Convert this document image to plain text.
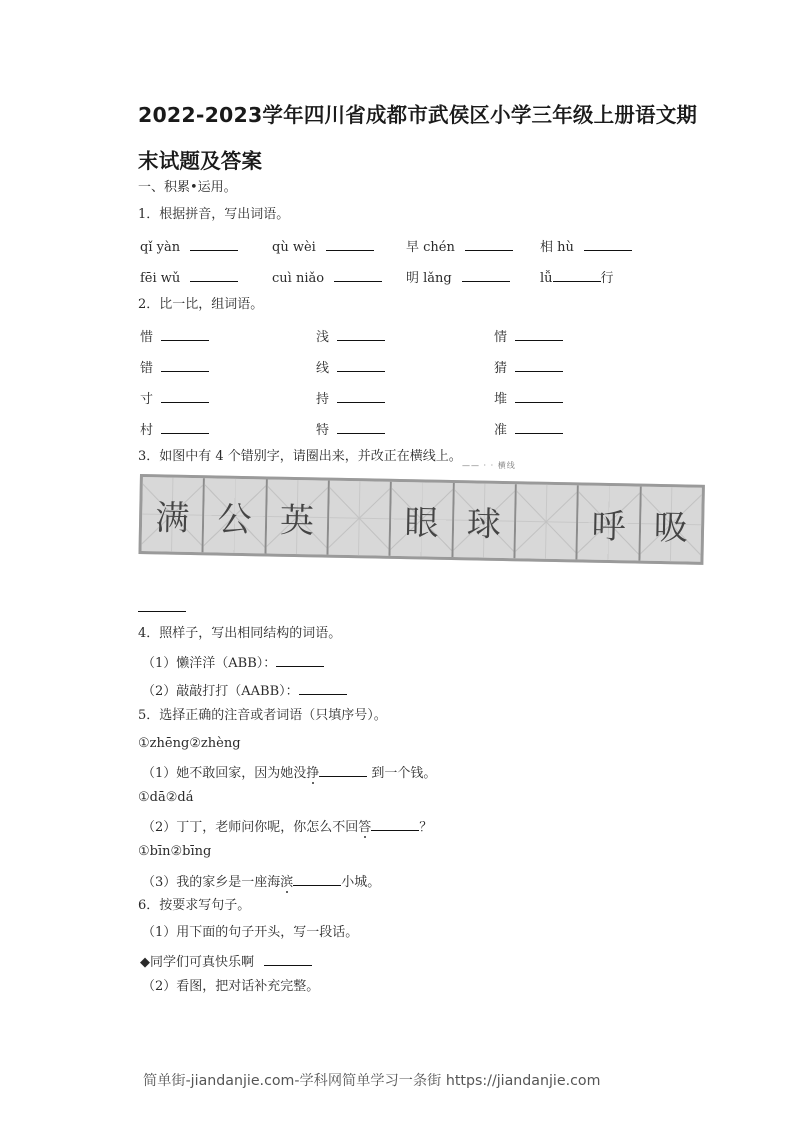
2022-2023学年四川省成都市武侯区小学三年级上册语文期
末试题及答案
一、积累•运用。
1．根据拼音，写出词语。
qǐ yàn	qù wèi	早 chén	相 hù
fēi wǔ	cuì niǎo	明 lǎng	lǚ	行
2．比一比，组词语。
惜	浅	情
错	线	猜
寸	持	堆
村	特	准
3．如图中有 4 个错别字，请圈出来，并改正在横线上。
—— · · 横线
满 公 英	眼 球	呼 吸
4．照样子，写出相同结构的词语。
（1）懒洋洋（ABB）：
（2）敲敲打打（AABB）：
5．选择正确的注音或者词语（只填序号）。
①zhēng②zhèng
（1）她不敢回家，因为她没挣	到一个钱。
①dā②dá
（2）丁丁，老师问你呢，你怎么不回答	？
①bīn②bīng
（3）我的家乡是一座海滨	小城。
6．按要求写句子。
（1）用下面的句子开头，写一段话。
◆同学们可真快乐啊
（2）看图，把对话补充完整。
简单街-jiandanjie.com-学科网简单学习一条街 https://jiandanjie.com
